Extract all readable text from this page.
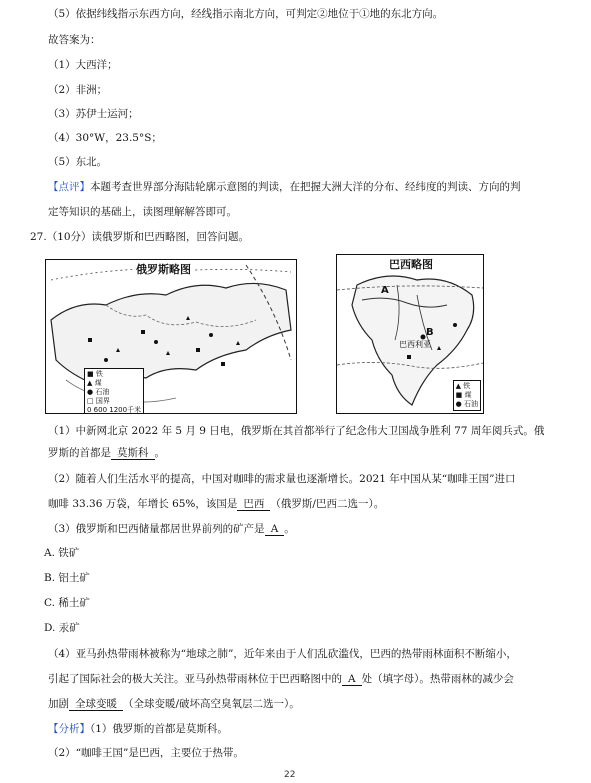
（5）依据纬线指示东西方向，经线指示南北方向，可判定②地位于①地的东北方向。
故答案为：
（1）大西洋；
（2）非洲；
（3）苏伊士运河；
（4）30°W，23.5°S；
（5）东北。
【点评】本题考查世界部分海陆轮廓示意图的判读，在把握大洲大洋的分布、经纬度的判读、方向的判
定等知识的基础上，读图理解解答即可。
27.（10分）读俄罗斯和巴西略图，回答问题。
俄罗斯略图
■ 铁
▲ 煤
● 石油
□ 国界
0 600 1200千米
巴西略图
A
B
巴西利亚
▲ 铁
■ 煤
● 石油
（1）中新网北京 2022 年 5 月 9 日电，俄罗斯在其首都举行了纪念伟大卫国战争胜利 77 周年阅兵式。俄
罗斯的首都是 莫斯科 。
（2）随着人们生活水平的提高，中国对咖啡的需求量也逐渐增长。2021 年中国从某“咖啡王国”进口
咖啡 33.36 万袋，年增长 65%，该国是 巴西 （俄罗斯/巴西二选一）。
（3）俄罗斯和巴西储量都居世界前列的矿产是 A 。
A. 铁矿
B. 铝土矿
C. 稀土矿
D. 汞矿
（4）亚马孙热带雨林被称为“地球之肺”，近年来由于人们乱砍滥伐，巴西的热带雨林面积不断缩小，
引起了国际社会的极大关注。亚马孙热带雨林位于巴西略图中的 A 处（填字母）。热带雨林的减少会
加剧 全球变暖 （全球变暖/破坏高空臭氧层二选一）。
【分析】（1）俄罗斯的首都是莫斯科。
（2）“咖啡王国”是巴西，主要位于热带。
22
